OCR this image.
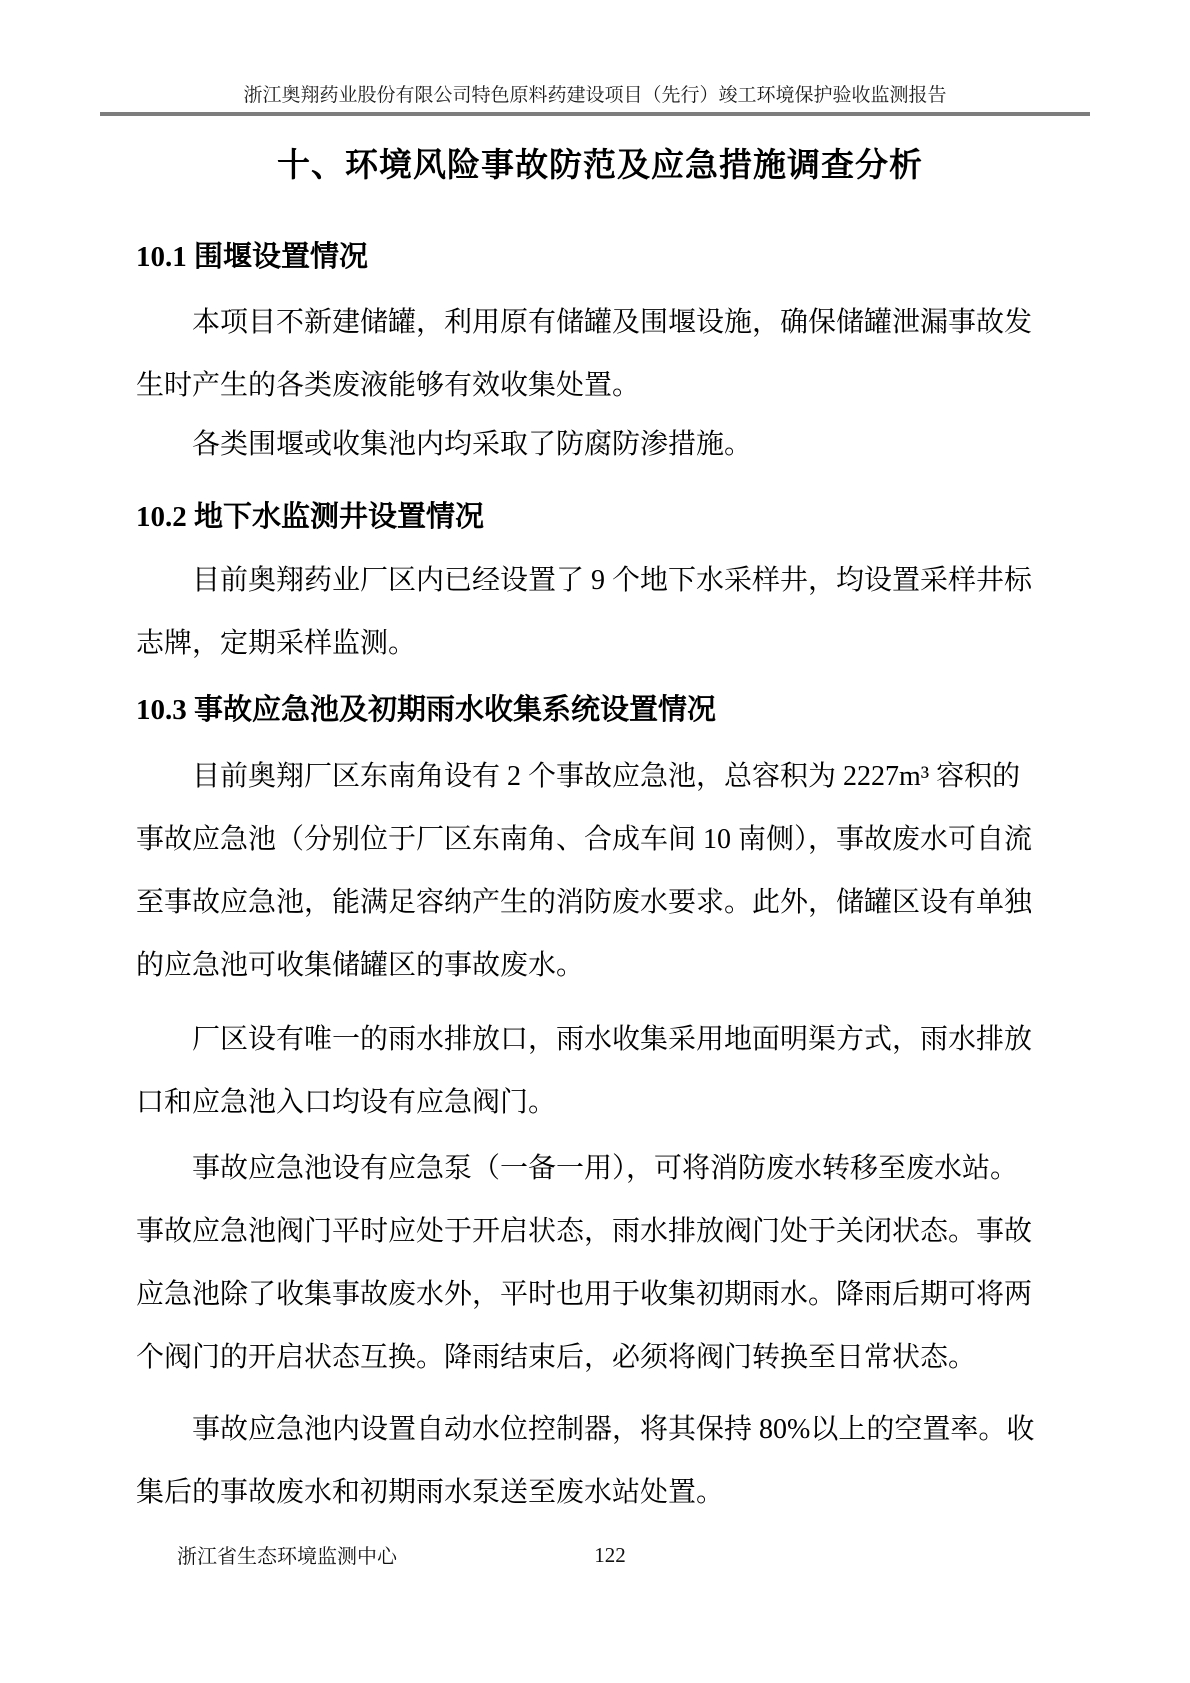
浙江奥翔药业股份有限公司特色原料药建设项目（先行）竣工环境保护验收监测报告
十、环境风险事故防范及应急措施调查分析
10.1 围堰设置情况
本项目不新建储罐，利用原有储罐及围堰设施，确保储罐泄漏事故发
生时产生的各类废液能够有效收集处置。
各类围堰或收集池内均采取了防腐防渗措施。
10.2 地下水监测井设置情况
目前奥翔药业厂区内已经设置了 9 个地下水采样井，均设置采样井标
志牌，定期采样监测。
10.3 事故应急池及初期雨水收集系统设置情况
目前奥翔厂区东南角设有 2 个事故应急池，总容积为 2227m³ 容积的
事故应急池（分别位于厂区东南角、合成车间 10 南侧），事故废水可自流
至事故应急池，能满足容纳产生的消防废水要求。此外，储罐区设有单独
的应急池可收集储罐区的事故废水。
厂区设有唯一的雨水排放口，雨水收集采用地面明渠方式，雨水排放
口和应急池入口均设有应急阀门。
事故应急池设有应急泵（一备一用），可将消防废水转移至废水站。
事故应急池阀门平时应处于开启状态，雨水排放阀门处于关闭状态。事故
应急池除了收集事故废水外，平时也用于收集初期雨水。降雨后期可将两
个阀门的开启状态互换。降雨结束后，必须将阀门转换至日常状态。
事故应急池内设置自动水位控制器，将其保持 80%以上的空置率。收
集后的事故废水和初期雨水泵送至废水站处置。
浙江省生态环境监测中心	122
